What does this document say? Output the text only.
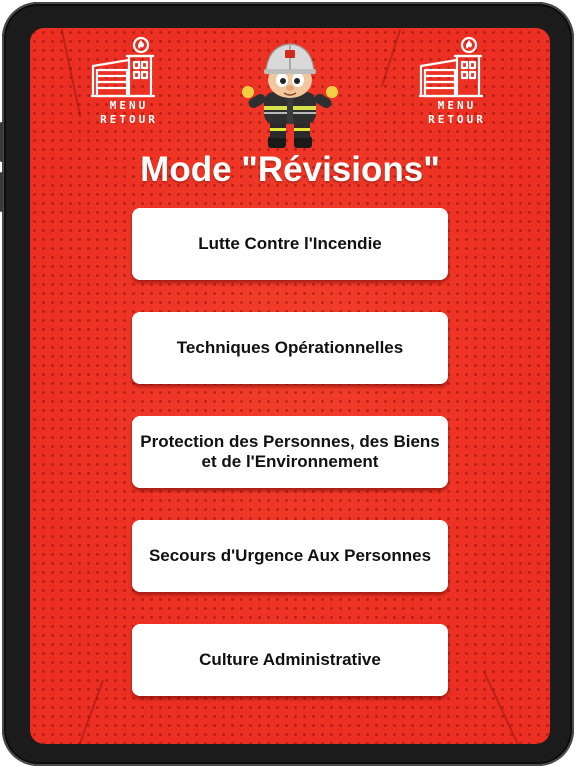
MENU
RETOUR
MENU
RETOUR
Mode "Révisions"
Lutte Contre l'Incendie
Techniques Opérationnelles
Protection des Personnes, des Biens et de l'Environnement
Secours d'Urgence Aux Personnes
Culture Administrative
